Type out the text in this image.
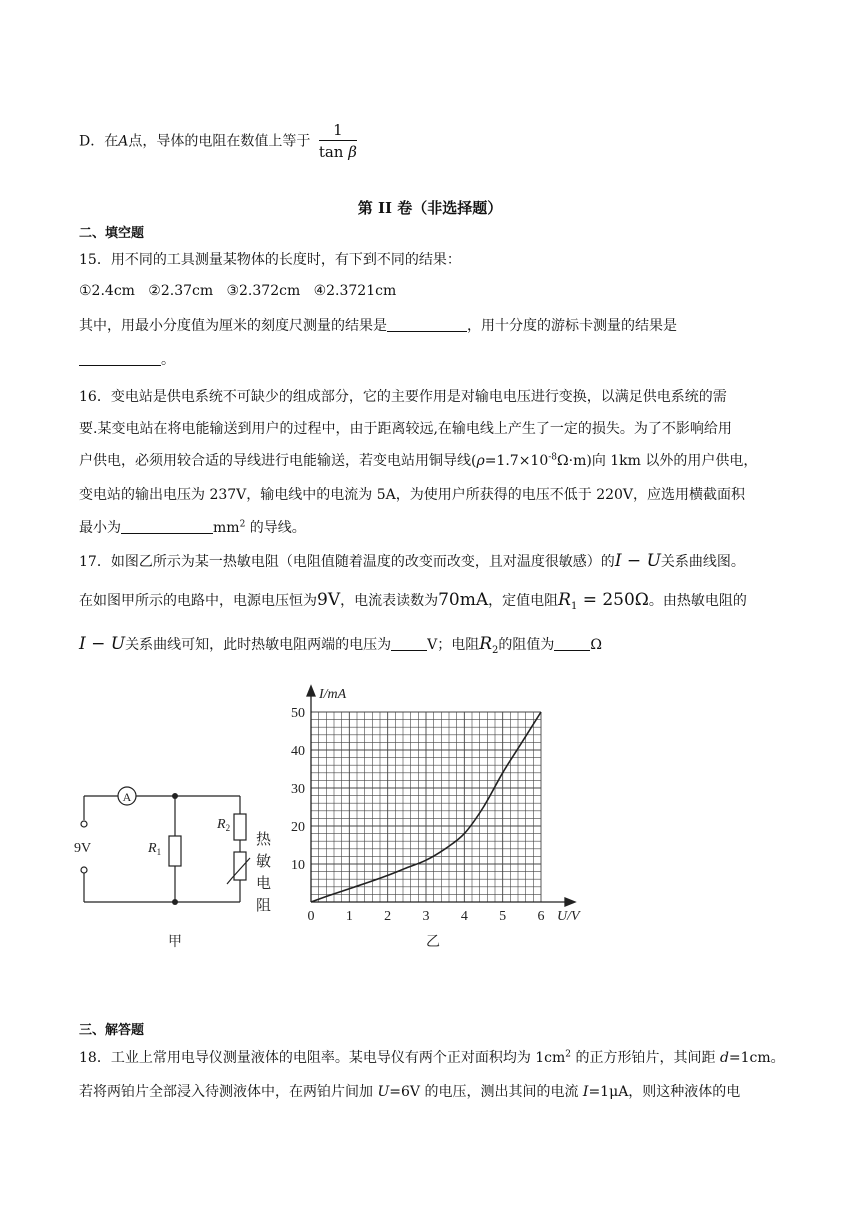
D．在A点，导体的电阻在数值上等于 $\frac{1}{\text{tan β}}$
第 II 卷（非选择题）
二、填空题
15．用不同的工具测量某物体的长度时，有下到不同的结果：
①2.4cm   ②2.37cm   ③2.372cm   ④2.3721cm
其中，用最小分度值为厘米的刻度尺测量的结果是	，用十分度的游标卡测量的结果是
。
16．变电站是供电系统不可缺少的组成部分，它的主要作用是对输电电压进行变换，以满足供电系统的需
要.某变电站在将电能输送到用户的过程中，由于距离较远,在输电线上产生了一定的损失。为了不影响给用
户供电，必须用较合适的导线进行电能输送，若变电站用铜导线$(\rho=1.7\times 10^{-8}\Omega\cdot m)$向 1km 以外的用户供电，
变电站的输出电压为 237V，输电线中的电流为 5A，为使用户所获得的电压不低于 220V，应选用横截面积
最小为	$mm^2$ 的导线。
17．如图乙所示为某一热敏电阻（电阻值随着温度的改变而改变，且对温度很敏感）的I − U关系曲线图。
在如图甲所示的电路中，电源电压恒为9V，电流表读数为70mA，定值电阻$R_1 = 250\Omega$。由热敏电阻的
I − U关系曲线可知，此时热敏电阻两端的电压为	V；电阻$R_2$的阻值为	Ω
A
9V	$R_1$
$R_2$
热
敏
电
阻
甲
0 1 2 3 4 5 6
10
20
30
40
50
I/mA
U/V
乙
三、解答题
18．工业上常用电导仪测量液体的电阻率。某电导仪有两个正对面积均为 $1cm^2$ 的正方形铂片，其间距 d=1cm。
若将两铂片全部浸入待测液体中，在两铂片间加 U=6V 的电压，测出其间的电流 I=1μA，则这种液体的电
